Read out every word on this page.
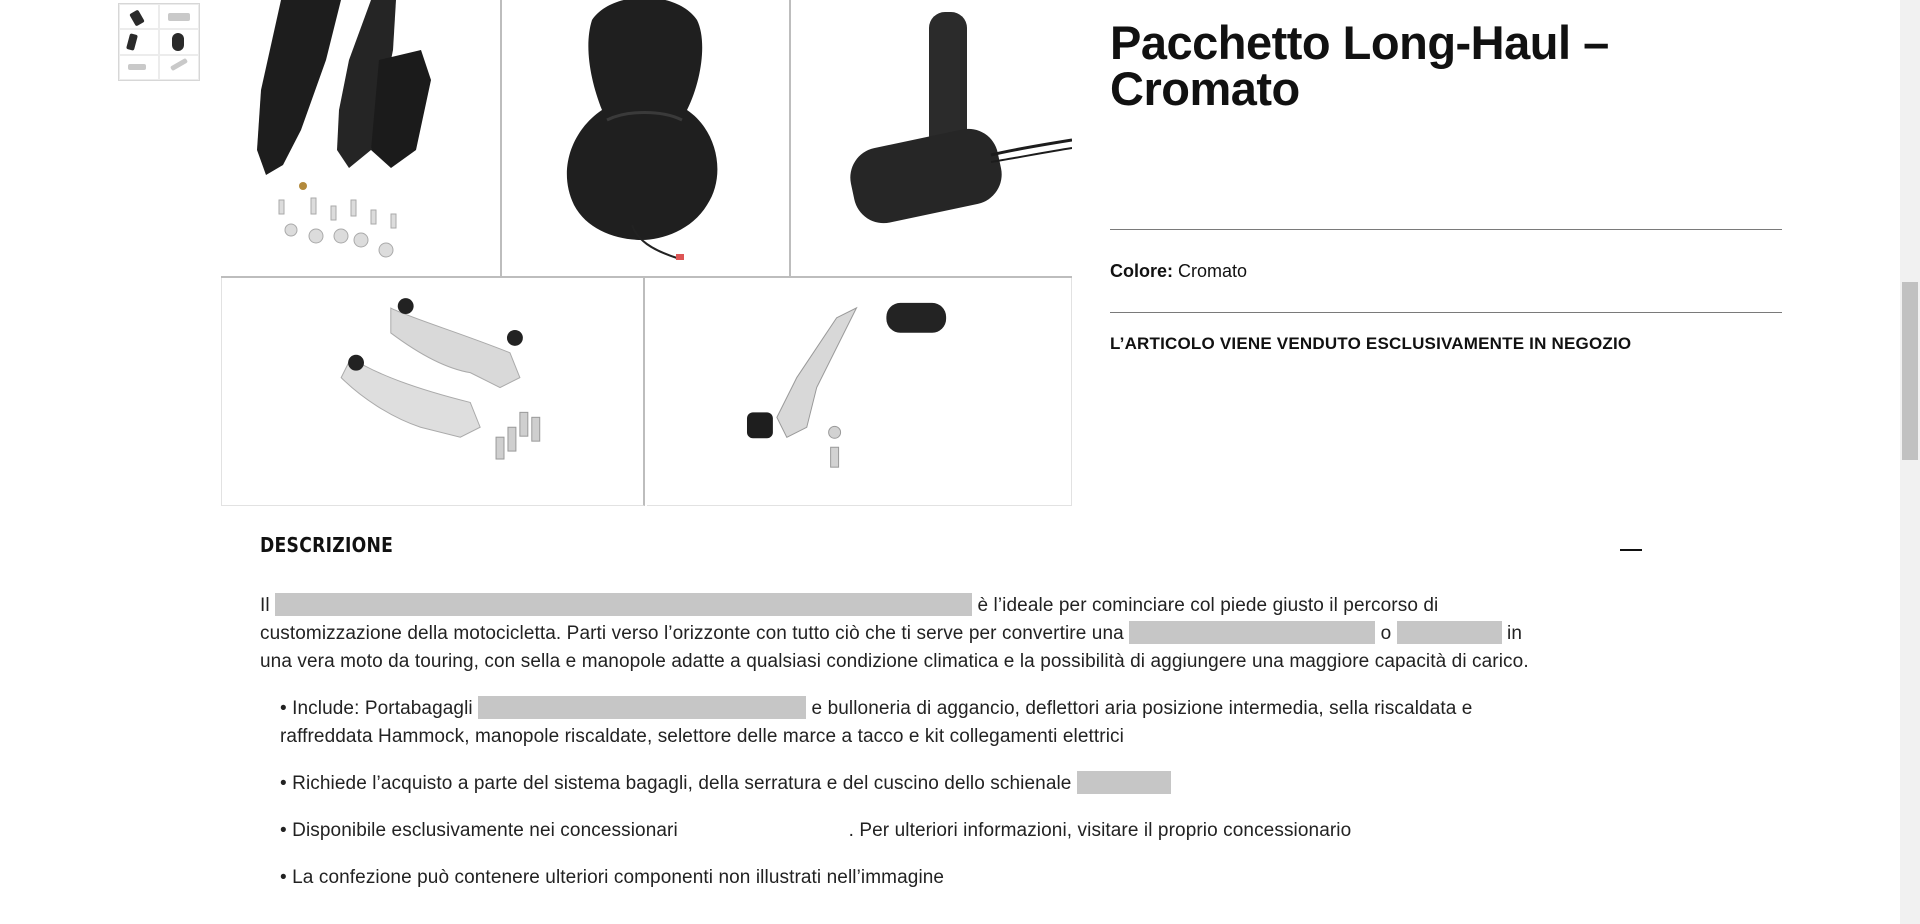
Pacchetto Long-Haul – Cromato
Colore: Cromato
L’ARTICOLO VIENE VENDUTO ESCLUSIVAMENTE IN NEGOZIO
DESCRIZIONE

Il	è l’ideale per cominciare col piede giusto il percorso di customizzazione della motocicletta. Parti verso l’orizzonte con tutto ciò che ti serve per convertire una	o	in una vera moto da touring, con sella e manopole adatte a qualsiasi condizione climatica e la possibilità di aggiungere una maggiore capacità di carico.

• Include: Portabagagli	e bulloneria di aggancio, deflettori aria posizione intermedia, sella riscaldata e raffreddata Hammock, manopole riscaldate, selettore delle marce a tacco e kit collegamenti elettrici
• Richiede l’acquisto a parte del sistema bagagli, della serratura e del cuscino dello schienale
• Disponibile esclusivamente nei concessionari	. Per ulteriori informazioni, visitare il proprio concessionario
• La confezione può contenere ulteriori componenti non illustrati nell’immagine
